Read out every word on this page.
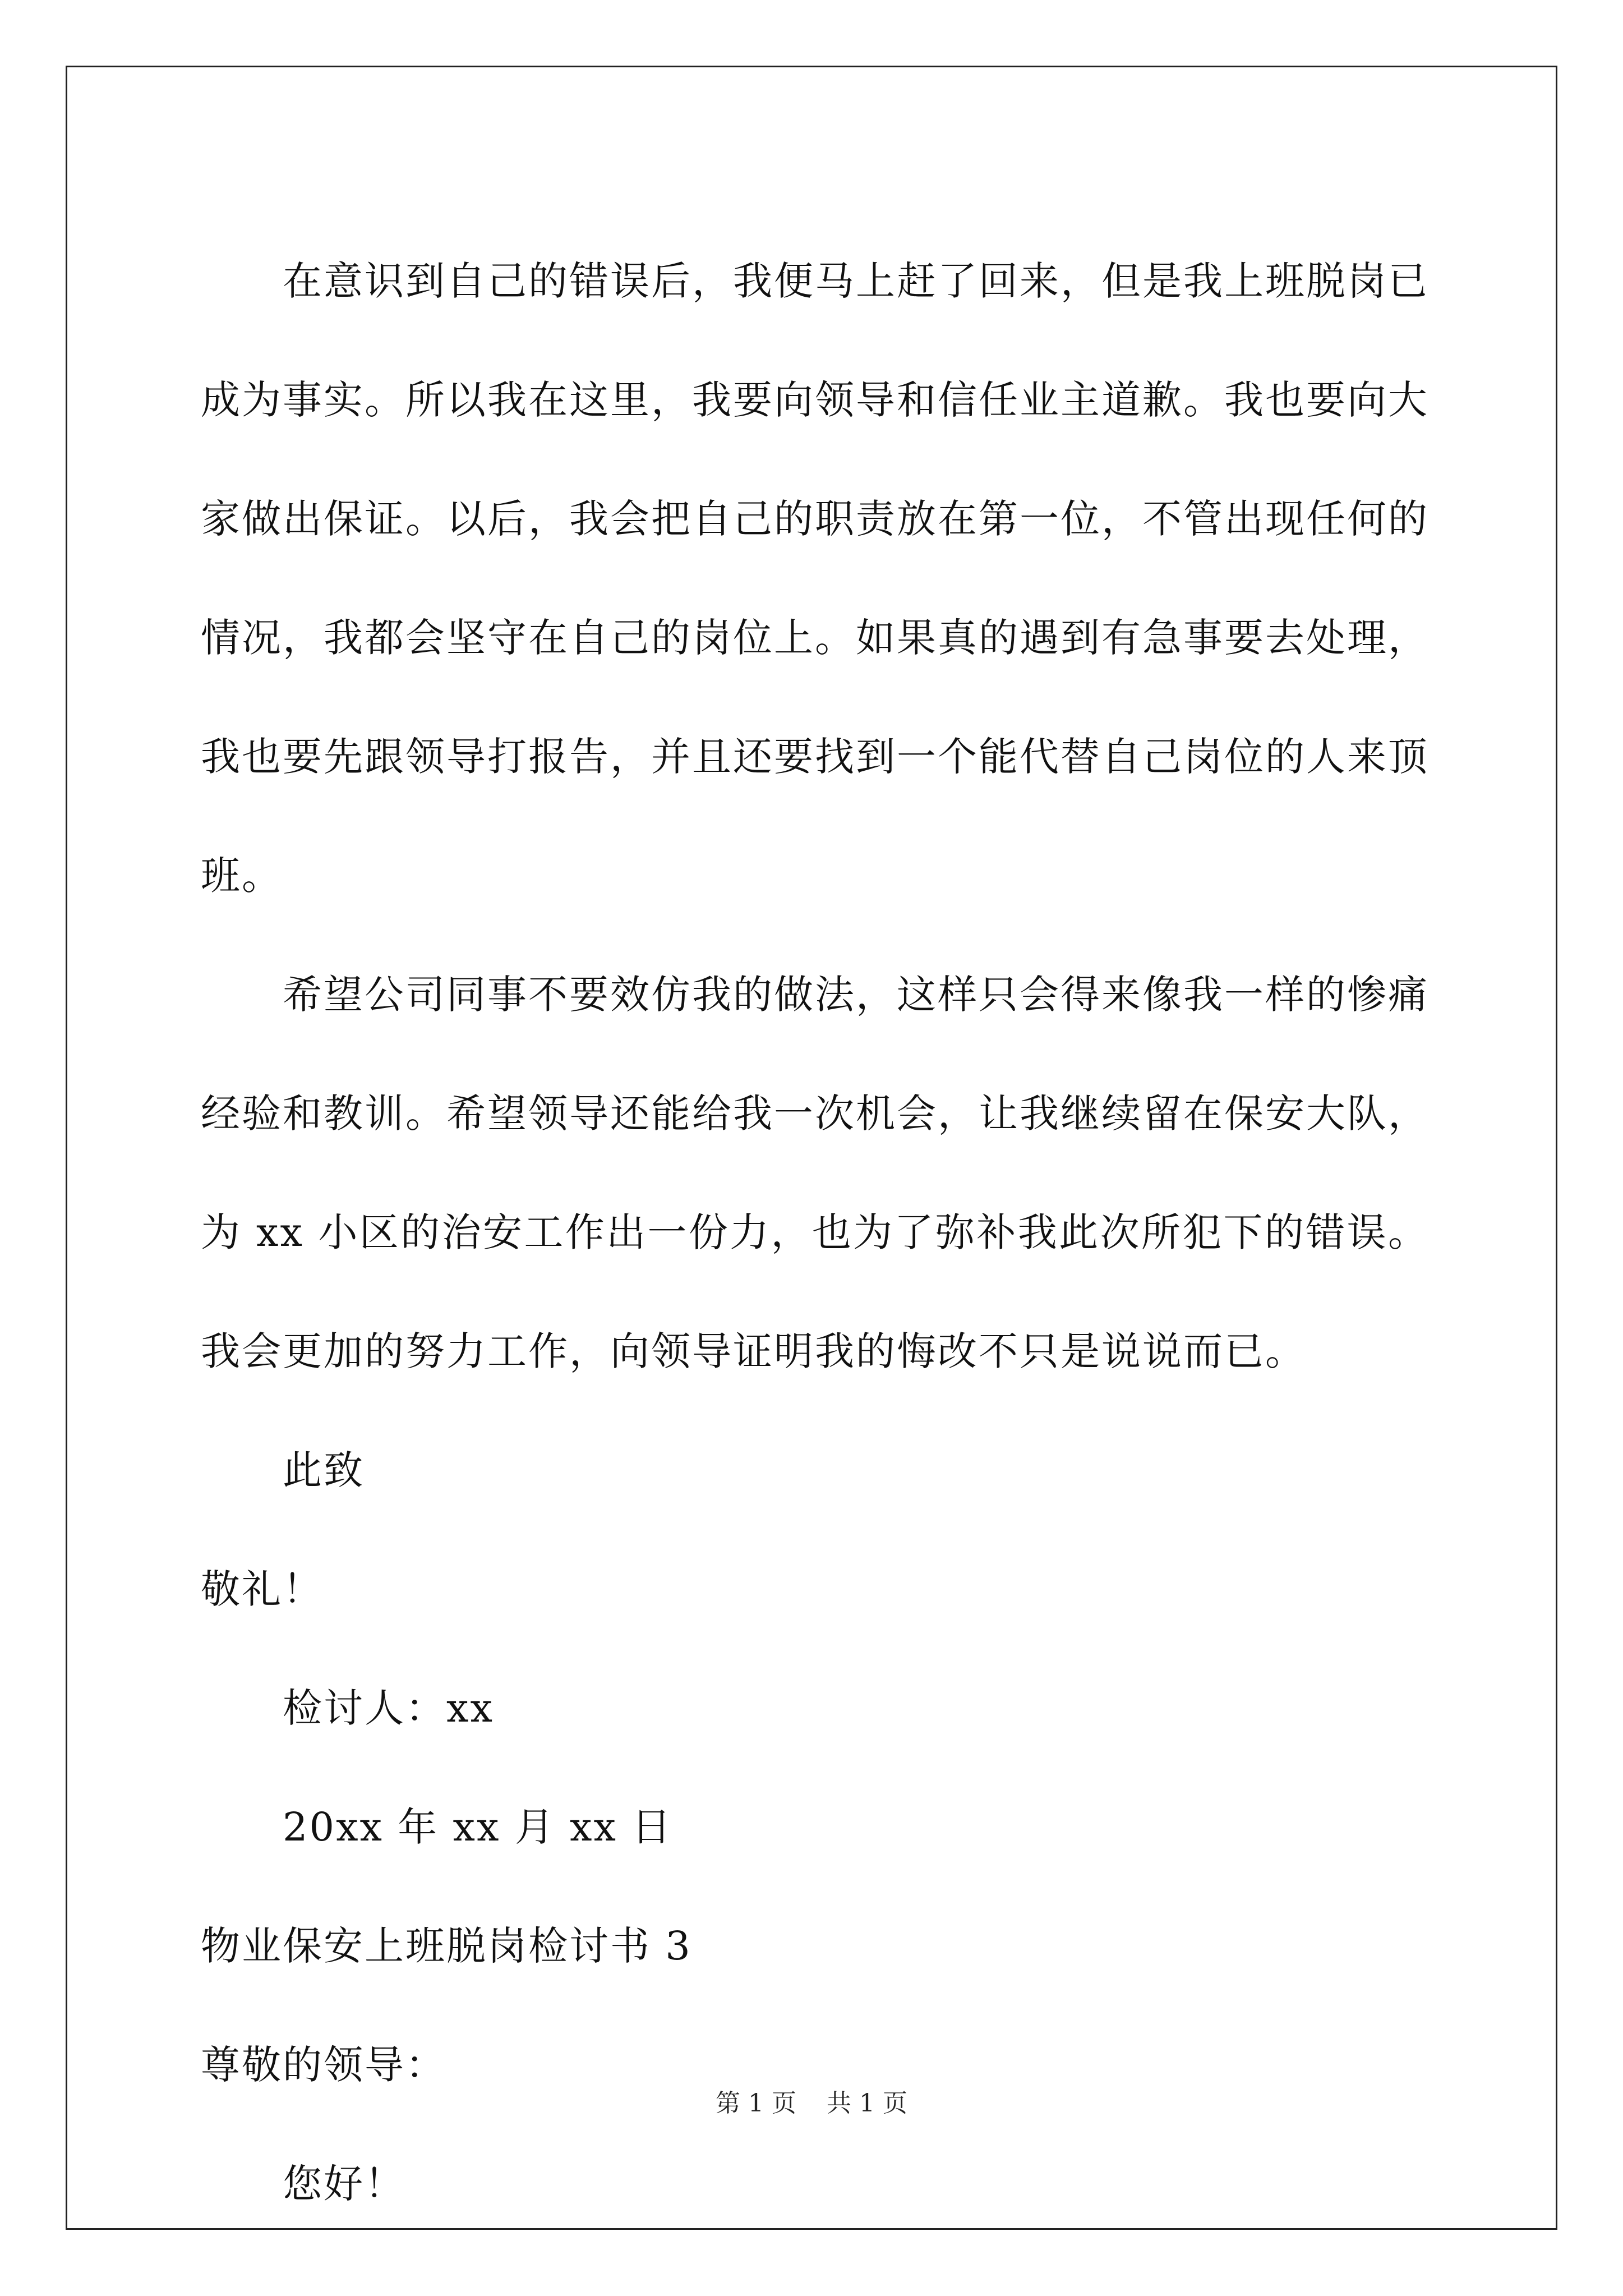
在意识到自己的错误后，我便马上赶了回来，但是我上班脱岗已成为事实。所以我在这里，我要向领导和信任业主道歉。我也要向大家做出保证。以后，我会把自己的职责放在第一位，不管出现任何的情况，我都会坚守在自己的岗位上。如果真的遇到有急事要去处理，我也要先跟领导打报告，并且还要找到一个能代替自己岗位的人来顶班。

希望公司同事不要效仿我的做法，这样只会得来像我一样的惨痛经验和教训。希望领导还能给我一次机会，让我继续留在保安大队，为 xx 小区的治安工作出一份力，也为了弥补我此次所犯下的错误。我会更加的努力工作，向领导证明我的悔改不只是说说而已。

此致

敬礼！

检讨人：xx

20xx 年 xx 月 xx 日

物业保安上班脱岗检讨书 3

尊敬的领导：

您好！

第 1 页 共 1 页
